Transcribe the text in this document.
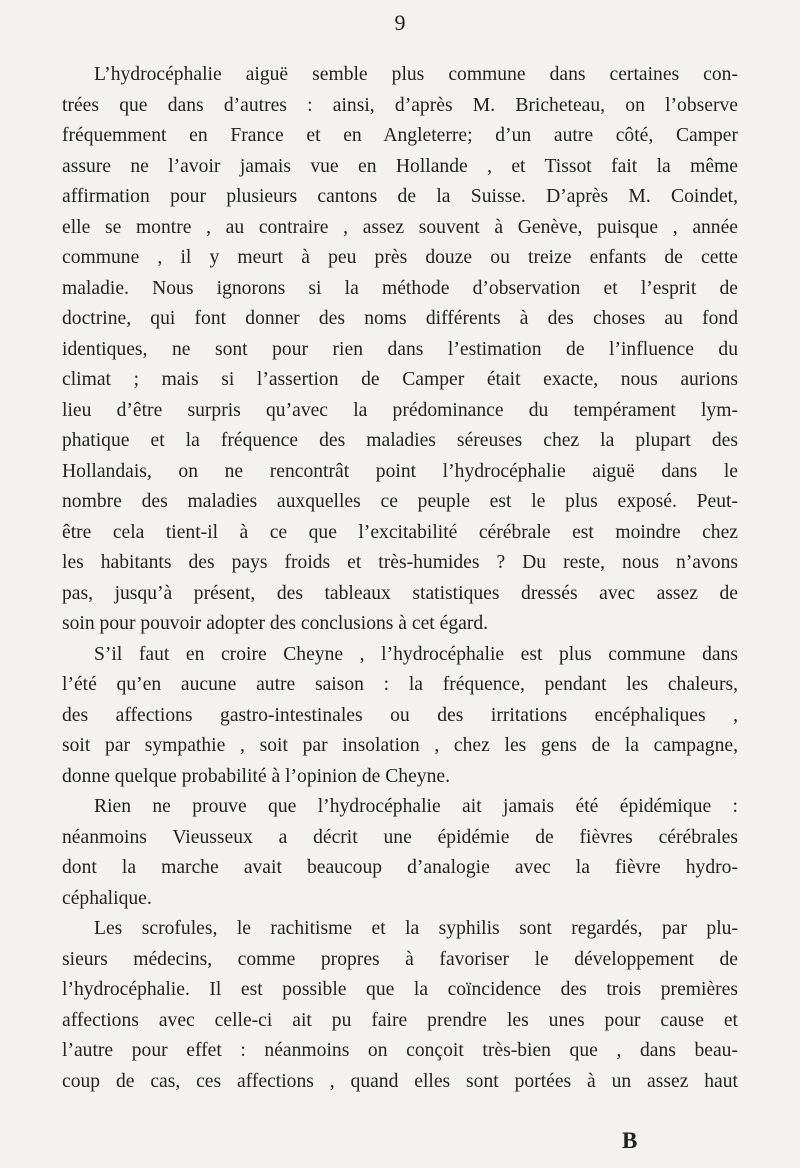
9
L’hydrocéphalie aiguë semble plus commune dans certaines con-
trées que dans d’autres : ainsi, d’après M. Bricheteau, on l’observe
fréquemment en France et en Angleterre; d’un autre côté, Camper
assure ne l’avoir jamais vue en Hollande , et Tissot fait la même
affirmation pour plusieurs cantons de la Suisse. D’après M. Coindet,
elle se montre , au contraire , assez souvent à Genève, puisque , année
commune , il y meurt à peu près douze ou treize enfants de cette
maladie. Nous ignorons si la méthode d’observation et l’esprit de
doctrine, qui font donner des noms différents à des choses au fond
identiques, ne sont pour rien dans l’estimation de l’influence du
climat ; mais si l’assertion de Camper était exacte, nous aurions
lieu d’être surpris qu’avec la prédominance du tempérament lym-
phatique et la fréquence des maladies séreuses chez la plupart des
Hollandais, on ne rencontrât point l’hydrocéphalie aiguë dans le
nombre des maladies auxquelles ce peuple est le plus exposé. Peut-
être cela tient-il à ce que l’excitabilité cérébrale est moindre chez
les habitants des pays froids et très-humides ? Du reste, nous n’avons
pas, jusqu’à présent, des tableaux statistiques dressés avec assez de
soin pour pouvoir adopter des conclusions à cet égard.
S’il faut en croire Cheyne , l’hydrocéphalie est plus commune dans
l’été qu’en aucune autre saison : la fréquence, pendant les chaleurs,
des affections gastro-intestinales ou des irritations encéphaliques ,
soit par sympathie , soit par insolation , chez les gens de la campagne,
donne quelque probabilité à l’opinion de Cheyne.
Rien ne prouve que l’hydrocéphalie ait jamais été épidémique :
néanmoins Vieusseux a décrit une épidémie de fièvres cérébrales
dont la marche avait beaucoup d’analogie avec la fièvre hydro-
céphalique.
Les scrofules, le rachitisme et la syphilis sont regardés, par plu-
sieurs médecins, comme propres à favoriser le développement de
l’hydrocéphalie. Il est possible que la coïncidence des trois premières
affections avec celle-ci ait pu faire prendre les unes pour cause et
l’autre pour effet : néanmoins on conçoit très-bien que , dans beau-
coup de cas, ces affections , quand elles sont portées à un assez haut
B
